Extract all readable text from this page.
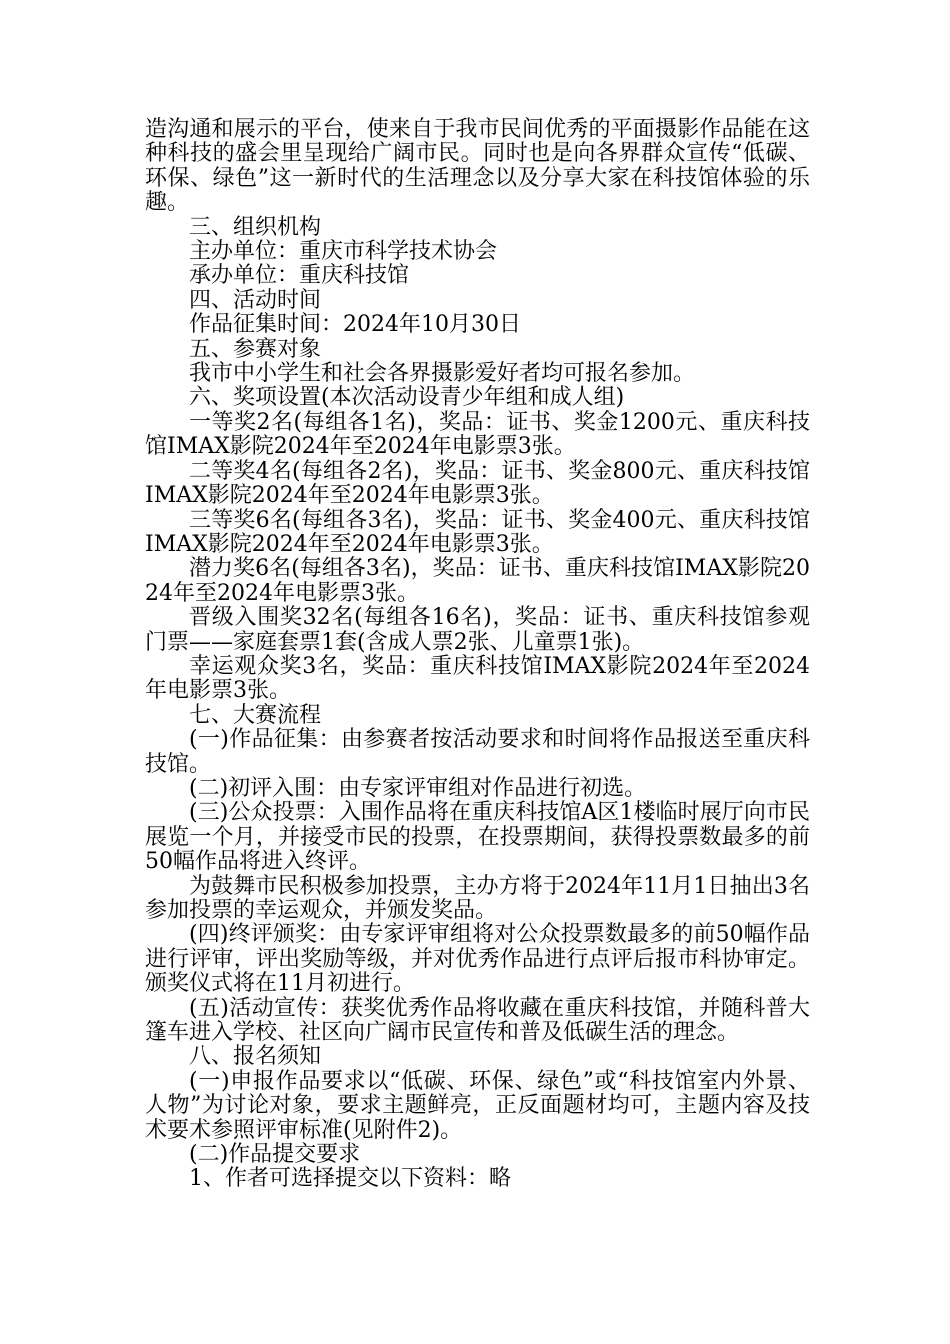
造沟通和展示的平台，使来自于我市民间优秀的平面摄影作品能在这种科技的盛会里呈现给广阔市民。同时也是向各界群众宣传“低碳、环保、绿色”这一新时代的生活理念以及分享大家在科技馆体验的乐趣。

三、组织机构

主办单位：重庆市科学技术协会

承办单位：重庆科技馆

四、活动时间

作品征集时间：2024年10月30日

五、参赛对象

我市中小学生和社会各界摄影爱好者均可报名参加。

六、奖项设置(本次活动设青少年组和成人组)

一等奖2名(每组各1名)，奖品：证书、奖金1200元、重庆科技馆IMAX影院2024年至2024年电影票3张。

二等奖4名(每组各2名)，奖品：证书、奖金800元、重庆科技馆IMAX影院2024年至2024年电影票3张。

三等奖6名(每组各3名)，奖品：证书、奖金400元、重庆科技馆IMAX影院2024年至2024年电影票3张。

潜力奖6名(每组各3名)，奖品：证书、重庆科技馆IMAX影院2024年至2024年电影票3张。

晋级入围奖32名(每组各16名)，奖品：证书、重庆科技馆参观门票——家庭套票1套(含成人票2张、儿童票1张)。

幸运观众奖3名，奖品：重庆科技馆IMAX影院2024年至2024年电影票3张。

七、大赛流程

(一)作品征集：由参赛者按活动要求和时间将作品报送至重庆科技馆。

(二)初评入围：由专家评审组对作品进行初选。

(三)公众投票：入围作品将在重庆科技馆A区1楼临时展厅向市民展览一个月，并接受市民的投票，在投票期间，获得投票数最多的前50幅作品将进入终评。

为鼓舞市民积极参加投票，主办方将于2024年11月1日抽出3名参加投票的幸运观众，并颁发奖品。

(四)终评颁奖：由专家评审组将对公众投票数最多的前50幅作品进行评审，评出奖励等级，并对优秀作品进行点评后报市科协审定。颁奖仪式将在11月初进行。

(五)活动宣传：获奖优秀作品将收藏在重庆科技馆，并随科普大篷车进入学校、社区向广阔市民宣传和普及低碳生活的理念。

八、报名须知

(一)申报作品要求以“低碳、环保、绿色”或“科技馆室内外景、人物”为讨论对象，要求主题鲜亮，正反面题材均可，主题内容及技术要术参照评审标准(见附件2)。

(二)作品提交要求

1、作者可选择提交以下资料：略
